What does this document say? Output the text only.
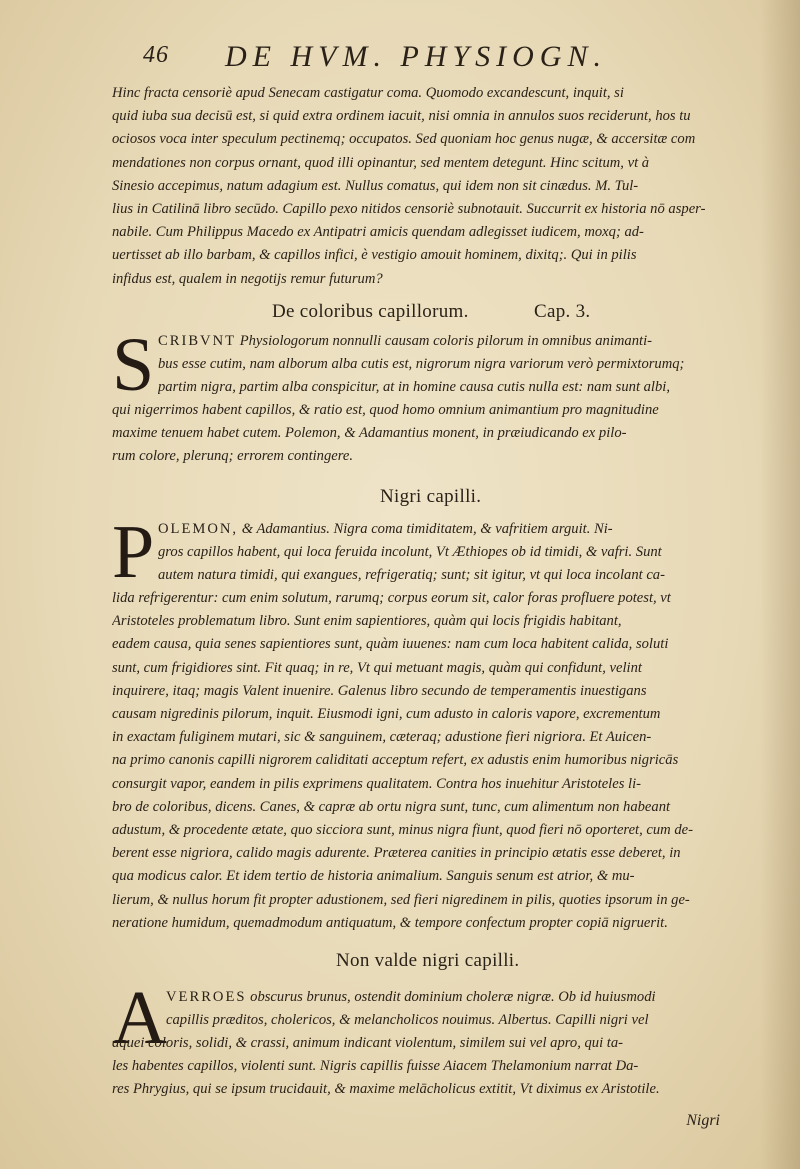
46 DE HVM. PHYSIOGN.
Hinc fracta censoriè apud Senecam castigatur coma. Quomodo excandescunt, inquit, si
quid iuba sua decisū est, si quid extra ordinem iacuit, nisi omnia in annulos suos reciderunt, hos tu
ociosos voca inter speculum pectinemq; occupatos. Sed quoniam hoc genus nugæ, & accersitæ com
mendationes non corpus ornant, quod illi opinantur, sed mentem detegunt. Hinc scitum, vt à
Sinesio accepimus, natum adagium est. Nullus comatus, qui idem non sit cinædus. M. Tul-
lius in Catilinā libro secūdo. Capillo pexo nitidos censoriè subnotauit. Succurrit ex historia nō asper-
nabile. Cum Philippus Macedo ex Antipatri amicis quendam adlegisset iudicem, moxq; ad-
uertisset ab illo barbam, & capillos infici, è vestigio amouit hominem, dixitq;. Qui in pilis
infidus est, qualem in negotijs remur futurum?
De coloribus capillorum.	Cap. 3.
S CRIBVNT Physiologorum nonnulli causam coloris pilorum in omnibus animanti-
bus esse cutim, nam alborum alba cutis est, nigrorum nigra variorum verò permixtorumq;
partim nigra, partim alba conspicitur, at in homine causa cutis nulla est: nam sunt albi,
qui nigerrimos habent capillos, & ratio est, quod homo omnium animantium pro magnitudine
maxime tenuem habet cutem. Polemon, & Adamantius monent, in præiudicando ex pilo-
rum colore, plerunq; errorem contingere.
Nigri capilli.
P OLEMON, & Adamantius. Nigra coma timiditatem, & vafritiem arguit. Ni-
gros capillos habent, qui loca feruida incolunt, Vt Æthiopes ob id timidi, & vafri. Sunt
autem natura timidi, qui exangues, refrigeratiq; sunt; sit igitur, vt qui loca incolant ca-
lida refrigerentur: cum enim solutum, rarumq; corpus eorum sit, calor foras profluere potest, vt
Aristoteles problematum libro. Sunt enim sapientiores, quàm qui locis frigidis habitant,
eadem causa, quia senes sapientiores sunt, quàm iuuenes: nam cum loca habitent calida, soluti
sunt, cum frigidiores sint. Fit quaq; in re, Vt qui metuant magis, quàm qui confidunt, velint
inquirere, itaq; magis Valent inuenire. Galenus libro secundo de temperamentis inuestigans
causam nigredinis pilorum, inquit. Eiusmodi igni, cum adusto in caloris vapore, excrementum
in exactam fuliginem mutari, sic & sanguinem, cæteraq; adustione fieri nigriora. Et Auicen-
na primo canonis capilli nigrorem caliditati acceptum refert, ex adustis enim humoribus nigricās
consurgit vapor, eandem in pilis exprimens qualitatem. Contra hos inuehitur Aristoteles li-
bro de coloribus, dicens. Canes, & capræ ab ortu nigra sunt, tunc, cum alimentum non habeant
adustum, & procedente ætate, quo sicciora sunt, minus nigra fiunt, quod fieri nō oporteret, cum de-
berent esse nigriora, calido magis adurente. Præterea canities in principio ætatis esse deberet, in
qua modicus calor. Et idem tertio de historia animalium. Sanguis senum est atrior, & mu-
lierum, & nullus horum fit propter adustionem, sed fieri nigredinem in pilis, quoties ipsorum in ge-
neratione humidum, quemadmodum antiquatum, & tempore confectum propter copiā nigruerit.
Non valde nigri capilli.
A VERROES obscurus brunus, ostendit dominium choleræ nigræ. Ob id huiusmodi
capillis præditos, cholericos, & melancholicos nouimus. Albertus. Capilli nigri vel
aquei coloris, solidi, & crassi, animum indicant violentum, similem sui vel apro, qui ta-
les habentes capillos, violenti sunt. Nigris capillis fuisse Aiacem Thelamonium narrat Da-
res Phrygius, qui se ipsum trucidauit, & maxime melācholicus extitit, Vt diximus ex Aristotile.
Nigri
